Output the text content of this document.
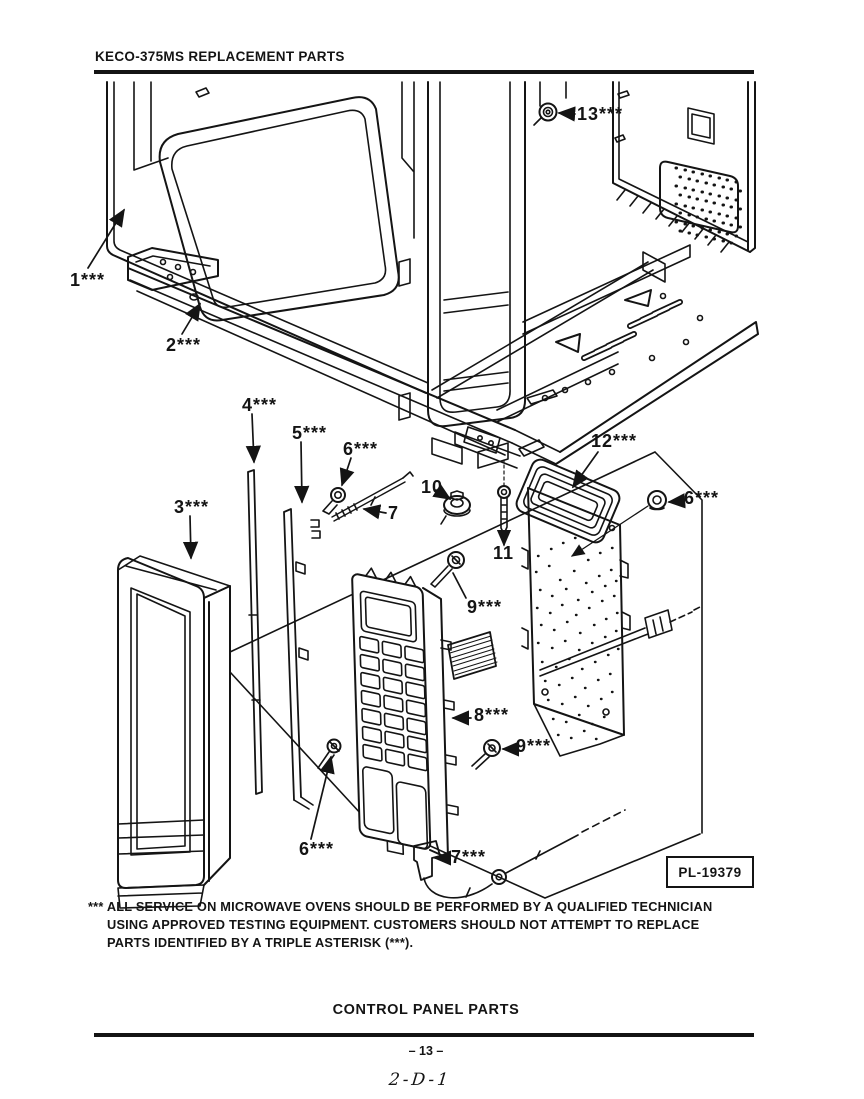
KECO-375MS REPLACEMENT PARTS
1***
2***
3***
4***
5***
6***
7
10
11
12***
6***
9***
8***
9***
6***	7***
13***
PL-19379
*** ALL SERVICE ON MICROWAVE OVENS SHOULD BE PERFORMED BY A QUALIFIED TECHNICIAN
USING APPROVED TESTING EQUIPMENT. CUSTOMERS SHOULD NOT ATTEMPT TO REPLACE
PARTS IDENTIFIED BY A TRIPLE ASTERISK (***).
CONTROL PANEL PARTS
– 13 –
2-D-1
